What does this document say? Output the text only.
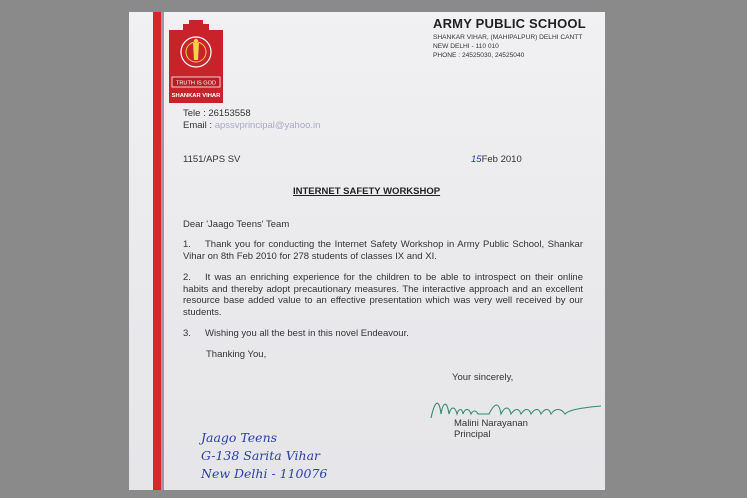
TRUTH IS GOD
SHANKAR VIHAR
ARMY PUBLIC SCHOOL
SHANKAR VIHAR, (MAHIPALPUR) DELHI CANTT
NEW DELHI - 110 010
PHONE : 24525030, 24525040
Tele : 26153558
Email : apssvprincipal@yahoo.in
1151/APS SV	15Feb 2010
INTERNET SAFETY WORKSHOP
Dear 'Jaago Teens' Team
1. Thank you for conducting the Internet Safety Workshop in Army Public School, Shankar Vihar on 8th Feb 2010 for 278 students of classes IX and XI.
2. It was an enriching experience for the children to be able to introspect on their online habits and thereby adopt precautionary measures. The interactive approach and an excellent resource base added value to an effective presentation which was very well received by our students.
3. Wishing you all the best in this novel Endeavour.
Thanking You,
Your sincerely,
Malini Narayanan
Principal
Jaago Teens
G-138 Sarita Vihar
New Delhi - 110076
